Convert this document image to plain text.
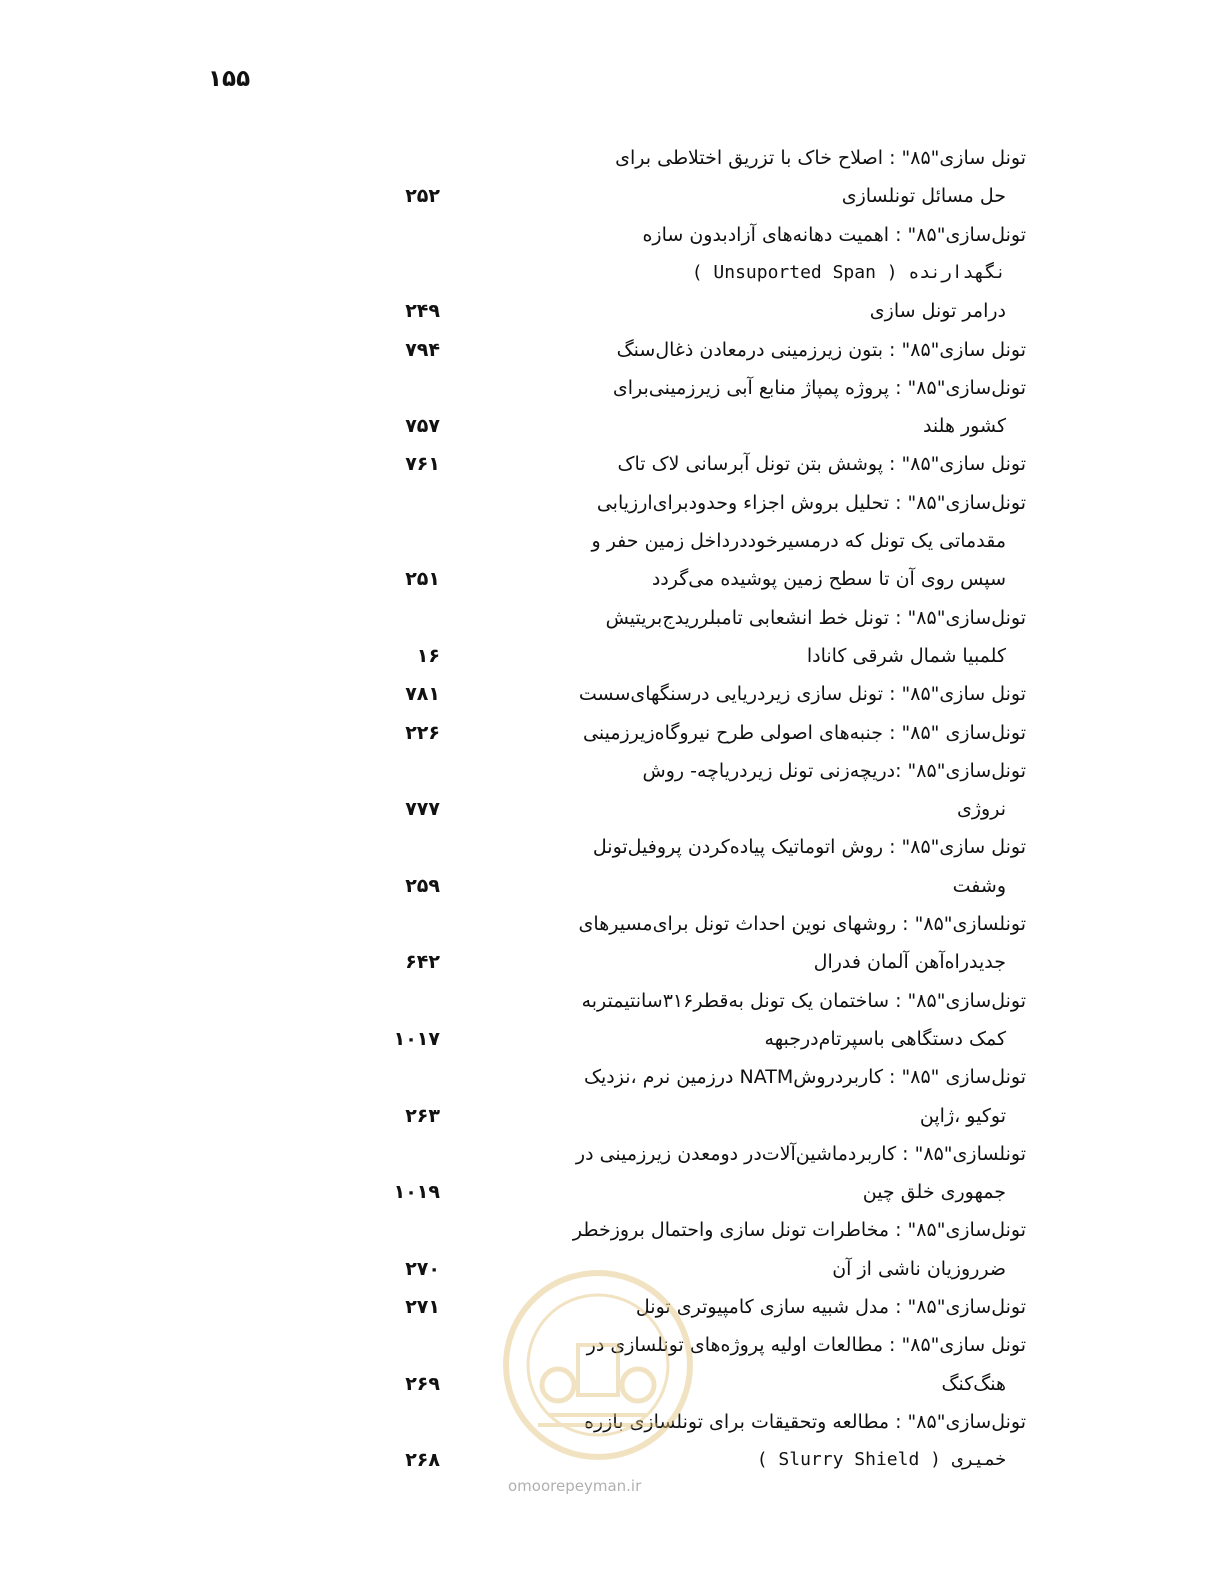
۱۵۵
تونل سازی"۸۵" : اصلاح خاک با تزریق اختلاطی برای
حل مسائل تونلسازی
۲۵۲
تونل‌سازی"۸۵" : اهمیت دهانه‌های آزادبدون سازه
نگهدارنده ( Unsuported Span )
درامر تونل سازی
۲۴۹
تونل سازی"۸۵" : بتون زیرزمینی درمعادن ذغال‌سنگ
۷۹۴
تونل‌سازی"۸۵" : پروژه پمپاژ منابع آبی زیرزمینی‌برای
کشور هلند
۷۵۷
تونل سازی"۸۵" : پوشش بتن تونل آبرسانی لاک تاک
۷۶۱
تونل‌سازی"۸۵" : تحلیل بروش اجزاء وحدودبرای‌ارزیابی
مقدماتی یک تونل که درمسیرخوددرداخل زمین حفر و
سپس روی آن تا سطح زمین پوشیده می‌گردد
۲۵۱
تونل‌سازی"۸۵" : تونل خط انشعابی تامبلرریدج‌بریتیش
کلمبیا شمال شرقی کانادا
۱۶
تونل سازی"۸۵" : تونل سازی زیردریایی درسنگهای‌سست
۷۸۱
تونل‌سازی "۸۵" : جنبه‌های اصولی طرح نیروگاه‌زیرزمینی
۲۲۶
تونل‌سازی"۸۵" :دریچه‌زنی تونل زیردریاچه- روش
نروژی
۷۷۷
تونل سازی"۸۵" : روش اتوماتیک پیاده‌کردن پروفیل‌تونل
وشفت
۲۵۹
تونلسازی"۸۵" : روشهای نوین احداث تونل برای‌مسیرهای
جدیدراه‌آهن آلمان فدرال
۶۴۲
تونل‌سازی"۸۵" : ساختمان یک تونل به‌قطر۳۱۶سانتیمتربه
کمک دستگاهی باسپرتام‌درجبهه
۱۰۱۷
تونل‌سازی "۸۵" : کاربردروش‌NATM درزمین نرم ،نزدیک
توکیو ،ژاپن
۲۶۳
تونلسازی"۸۵" : کاربردماشین‌آلات‌در دومعدن زیرزمینی در
جمهوری خلق چین
۱۰۱۹
تونل‌سازی"۸۵" : مخاطرات تونل سازی واحتمال بروزخطر
ضرروزیان ناشی از آن
۲۷۰
تونل‌سازی"۸۵" : مدل شبیه سازی کامپیوتری تونل
۲۷۱
تونل سازی"۸۵" : مطالعات اولیه پروژه‌های تونلسازی در
هنگ‌کنگ
۲۶۹
تونل‌سازی"۸۵" : مطالعه وتحقیقات برای تونلسازی بازره
خمیری ( Slurry Shield )
۲۶۸
omoorepeyman.ir
